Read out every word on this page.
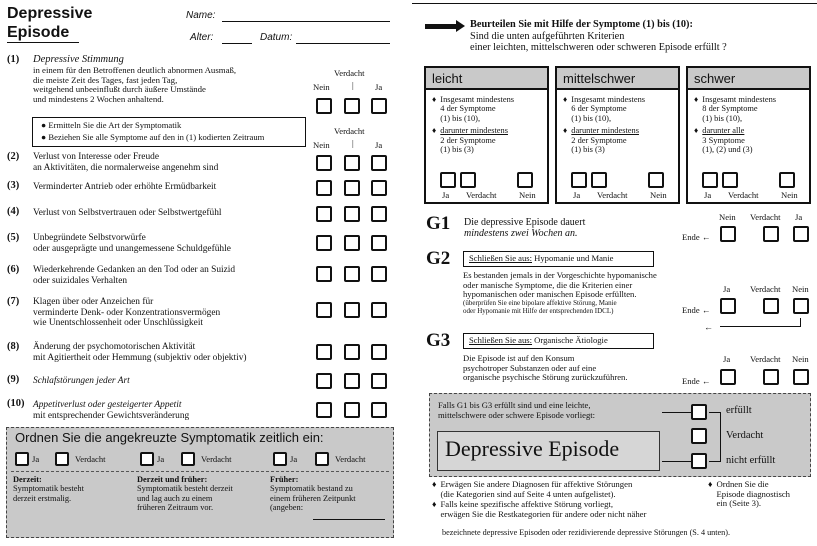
Depressive
Episode
Name:
Alter:	Datum:
(1) Depressive Stimmung
in einem für den Betroffenen deutlich abnormen Ausmaß,
die meiste Zeit des Tages, fast jeden Tag,
weitgehend unbeeinflußt durch äußere Umstände
und mindestens 2 Wochen anhaltend.
Verdacht
Nein	| Ja
● Ermitteln Sie die Art der Symptomatik
● Beziehen Sie alle Symptome auf den in (1) kodierten Zeitraum
Verdacht
Nein	| Ja
(2) Verlust von Interesse oder Freude
an Aktivitäten, die normalerweise angenehm sind
(3) Verminderter Antrieb oder erhöhte Ermüdbarkeit
(4) Verlust von Selbstvertrauen oder Selbstwertgefühl
(5) Unbegründete Selbstvorwürfe
oder ausgeprägte und unangemessene Schuldgefühle
(6) Wiederkehrende Gedanken an den Tod oder an Suizid
oder suizidales Verhalten
(7) Klagen über oder Anzeichen für
verminderte Denk- oder Konzentrationsvermögen
wie Unentschlossenheit oder Unschlüssigkeit
(8) Änderung der psychomotorischen Aktivität
mit Agitiertheit oder Hemmung (subjektiv oder objektiv)
(9) Schlafstörungen jeder Art
(10) Appetitverlust oder gesteigerter Appetit
mit entsprechender Gewichtsveränderung
Ordnen Sie die angekreuzte Symptomatik zeitlich ein:
Ja	Verdacht	Ja	Verdacht	Ja	Verdacht
Derzeit:
Symptomatik besteht
derzeit erstmalig.
Derzeit und früher:
Symptomatik besteht derzeit
und lag auch zu einem
früheren Zeitraum vor.
Früher:
Symptomatik bestand zu
einem früheren Zeitpunkt
(angeben:
Beurteilen Sie mit Hilfe der Symptome (1) bis (10):
Sind die unten aufgeführten Kriterien
einer leichten, mittelschweren oder schweren Episode erfüllt ?
leicht
♦ Insgesamt mindestens
4 der Symptome
(1) bis (10),
♦ darunter mindestens
2 der Symptome
(1) bis (3)
Ja Verdacht	Nein
mittelschwer
♦ Insgesamt mindestens
6 der Symptome
(1) bis (10),
♦ darunter mindestens
2 der Symptome
(1) bis (3)
Ja Verdacht	Nein
schwer
♦ Insgesamt mindestens
8 der Symptome
(1) bis (10),
♦ darunter alle
3 Symptome
(1), (2) und (3)
Ja Verdacht	Nein
G1 Die depressive Episode dauert
mindestens zwei Wochen an.
Nein Verdacht Ja
Ende ←
G2	Schließen Sie aus: Hypomanie und Manie
Es bestanden jemals in der Vorgeschichte hypomanische
oder manische Symptome, die die Kriterien einer
hypomanischen oder manischen Episode erfüllten.
(überprüfen Sie eine bipolare affektive Störung, Manie
oder Hypomanie mit Hilfe der entsprechenden IDCL)
Ja Verdacht Nein
Ende ←
←
G3	Schließen Sie aus: Organische Ätiologie
Die Episode ist auf den Konsum
psychotroper Substanzen oder auf eine
organische psychische Störung zurückzuführen.
Ja Verdacht Nein
Ende ←
Falls G1 bis G3 erfüllt sind und eine leichte,
mittelschwere oder schwere Episode vorliegt:
Depressive Episode
erfüllt
Verdacht
nicht erfüllt
♦ Erwägen Sie andere Diagnosen für affektive Störungen
(die Kategorien sind auf Seite 4 unten aufgelistet).
♦ Falls keine spezifische affektive Störung vorliegt,
erwägen Sie die Restkategorien für andere oder nicht näher
bezeichnete depressive Episoden oder rezidivierende depressive Störungen (S. 4 unten).
♦ Ordnen Sie die
Episode diagnostisch
ein (Seite 3).
